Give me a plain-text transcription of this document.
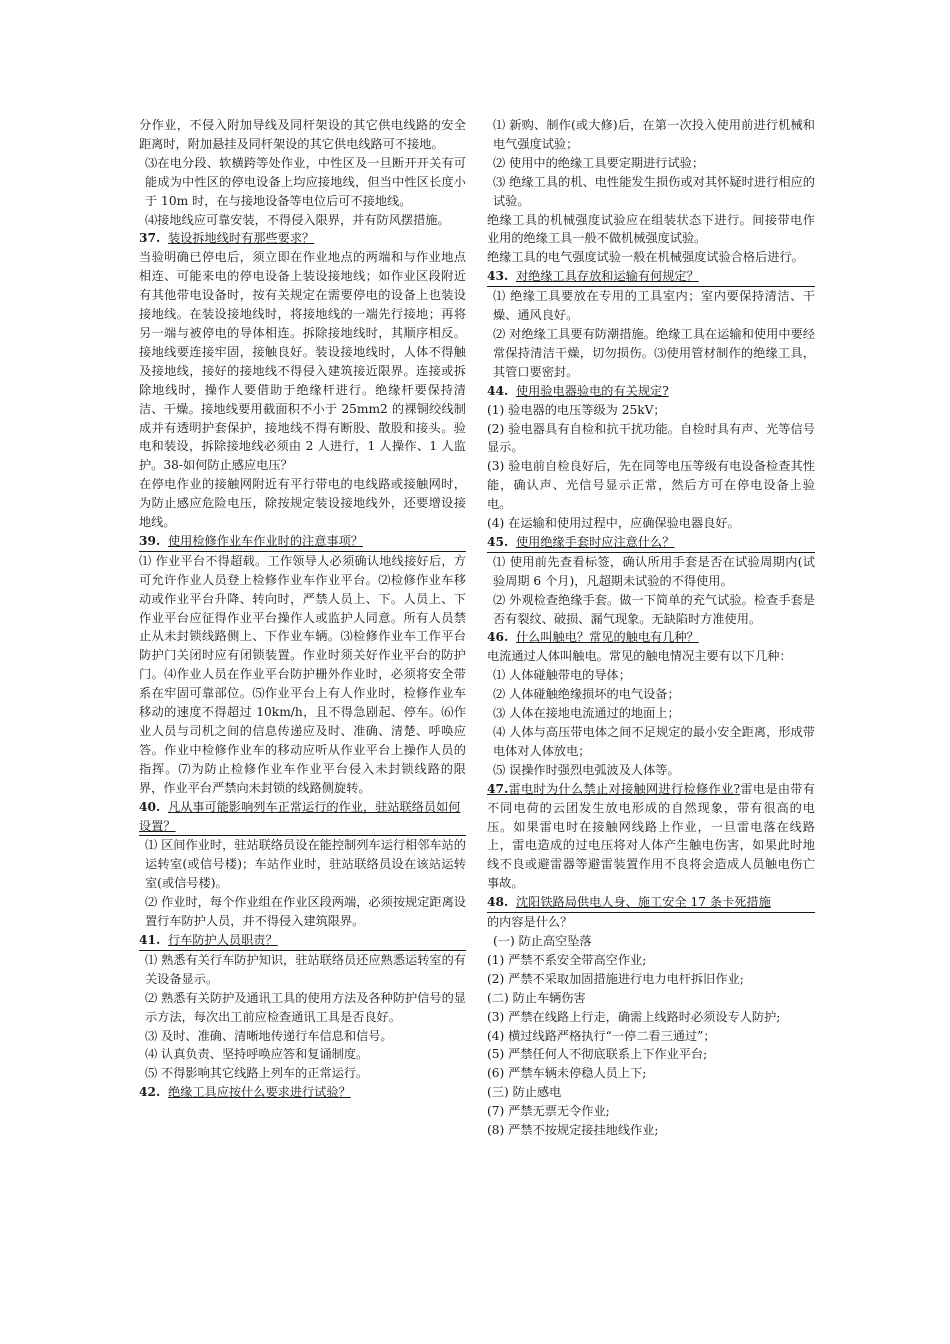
分作业，不侵入附加导线及同杆架设的其它供电线路的安全距离时，附加悬挂及同杆架设的其它供电线路可不接地。

⑶在电分段、软横跨等处作业，中性区及一旦断开开关有可能成为中性区的停电设备上均应接地线，但当中性区长度小于 10m 时，在与接地设备等电位后可不接地线。

⑷接地线应可靠安装，不得侵入限界，并有防风摆措施。

37. 装设拆地线时有那些要求？

当验明确已停电后，须立即在作业地点的两端和与作业地点相连、可能来电的停电设备上装设接地线；如作业区段附近有其他带电设备时，按有关规定在需要停电的设备上也装设接地线。在装设接地线时，将接地线的一端先行接地；再将另一端与被停电的导体相连。拆除接地线时，其顺序相反。接地线要连接牢固，接触良好。装设接地线时，人体不得触及接地线，接好的接地线不得侵入建筑接近限界。连接或拆除地线时，操作人要借助于绝缘杆进行。绝缘杆要保持清洁、干燥。接地线要用截面积不小于 25mm2 的裸铜绞线制成并有透明护套保护，接地线不得有断股、散股和接头。验电和装设，拆除接地线必须由 2 人进行，1 人操作、1 人监护。38-如何防止感应电压？

在停电作业的接触网附近有平行带电的电线路或接触网时，为防止感应危险电压，除按规定装设接地线外，还要增设接地线。

39. 使用检修作业车作业时的注意事项？

⑴ 作业平台不得超载。工作领导人必须确认地线接好后，方可允许作业人员登上检修作业车作业平台。⑵检修作业车移动或作业平台升降、转向时，严禁人员上、下。人员上、下作业平台应征得作业平台操作人或监护人同意。所有人员禁止从未封锁线路侧上、下作业车辆。⑶检修作业车工作平台防护门关闭时应有闭锁装置。作业时须关好作业平台的防护门。⑷作业人员在作业平台防护栅外作业时，必须将安全带系在牢固可靠部位。⑸作业平台上有人作业时，检修作业车移动的速度不得超过 10km/h，且不得急剧起、停车。⑹作业人员与司机之间的信息传递应及时、准确、清楚、呼唤应答。作业中检修作业车的移动应听从作业平台上操作人员的指挥。⑺为防止检修作业车作业平台侵入未封锁线路的限界，作业平台严禁向未封锁的线路侧旋转。

40. 凡从事可能影响列车正常运行的作业，驻站联络员如何设置？

⑴ 区间作业时，驻站联络员设在能控制列车运行相邻车站的运转室(或信号楼)；车站作业时，驻站联络员设在该站运转室(或信号楼)。

⑵ 作业时，每个作业组在作业区段两端，必须按规定距离设置行车防护人员，并不得侵入建筑限界。

41. 行车防护人员职责？

⑴ 熟悉有关行车防护知识，驻站联络员还应熟悉运转室的有关设备显示。

⑵ 熟悉有关防护及通讯工具的使用方法及各种防护信号的显示方法，每次出工前应检查通讯工具是否良好。

⑶ 及时、准确、清晰地传递行车信息和信号。

⑷ 认真负责、坚持呼唤应答和复诵制度。

⑸ 不得影响其它线路上列车的正常运行。

42. 绝缘工具应按什么要求进行试验？

⑴ 新购、制作(或大修)后，在第一次投入使用前进行机械和电气强度试验；

⑵ 使用中的绝缘工具要定期进行试验；

⑶ 绝缘工具的机、电性能发生损伤或对其怀疑时进行相应的试验。

绝缘工具的机械强度试验应在组装状态下进行。间接带电作业用的绝缘工具一般不做机械强度试验。

绝缘工具的电气强度试验一般在机械强度试验合格后进行。

43. 对绝缘工具存放和运输有何规定？

⑴ 绝缘工具要放在专用的工具室内；室内要保持清洁、干燥、通风良好。

⑵ 对绝缘工具要有防潮措施。绝缘工具在运输和使用中要经常保持清洁干燥，切勿损伤。⑶使用管材制作的绝缘工具，其管口要密封。

44. 使用验电器验电的有关规定?

(1) 验电器的电压等级为 25kV；

(2) 验电器具有自检和抗干扰功能。自检时具有声、光等信号显示。

(3) 验电前自检良好后，先在同等电压等级有电设备检查其性能，确认声、光信号显示正常，然后方可在停电设备上验电。

(4) 在运输和使用过程中，应确保验电器良好。

45. 使用绝缘手套时应注意什么？

⑴ 使用前先查看标签，确认所用手套是否在试验周期内(试验周期 6 个月)，凡超期未试验的不得使用。

⑵ 外观检查绝缘手套。做一下简单的充气试验。检查手套是否有裂纹、破损、漏气现象。无缺陷时方准使用。

46. 什么叫触电？常见的触电有几种？

电流通过人体叫触电。常见的触电情况主要有以下几种：

⑴ 人体碰触带电的导体；

⑵ 人体碰触绝缘损坏的电气设备；

⑶ 人体在接地电流通过的地面上；

⑷ 人体与高压带电体之间不足规定的最小安全距离，形成带电体对人体放电；

⑸ 误操作时强烈电弧波及人体等。

47.雷电时为什么禁止对接触网进行检修作业?雷电是由带有不同电荷的云团发生放电形成的自然现象，带有很高的电压。如果雷电时在接触网线路上作业，一旦雷电落在线路上，雷电造成的过电压将对人体产生触电伤害，如果此时地线不良或避雷器等避雷装置作用不良将会造成人员触电伤亡事故。

48. 沈阳铁路局供电人身、施工安全 17 条卡死措施

的内容是什么？

(一) 防止高空坠落

(1) 严禁不系安全带高空作业;

(2) 严禁不采取加固措施进行电力电杆拆旧作业;

(二) 防止车辆伤害

(3) 严禁在线路上行走，确需上线路时必须设专人防护;

(4) 横过线路严格执行“一停二看三通过”；

(5) 严禁任何人不彻底联系上下作业平台;

(6) 严禁车辆未停稳人员上下;

(三) 防止感电

(7) 严禁无票无令作业;

(8) 严禁不按规定接挂地线作业;
